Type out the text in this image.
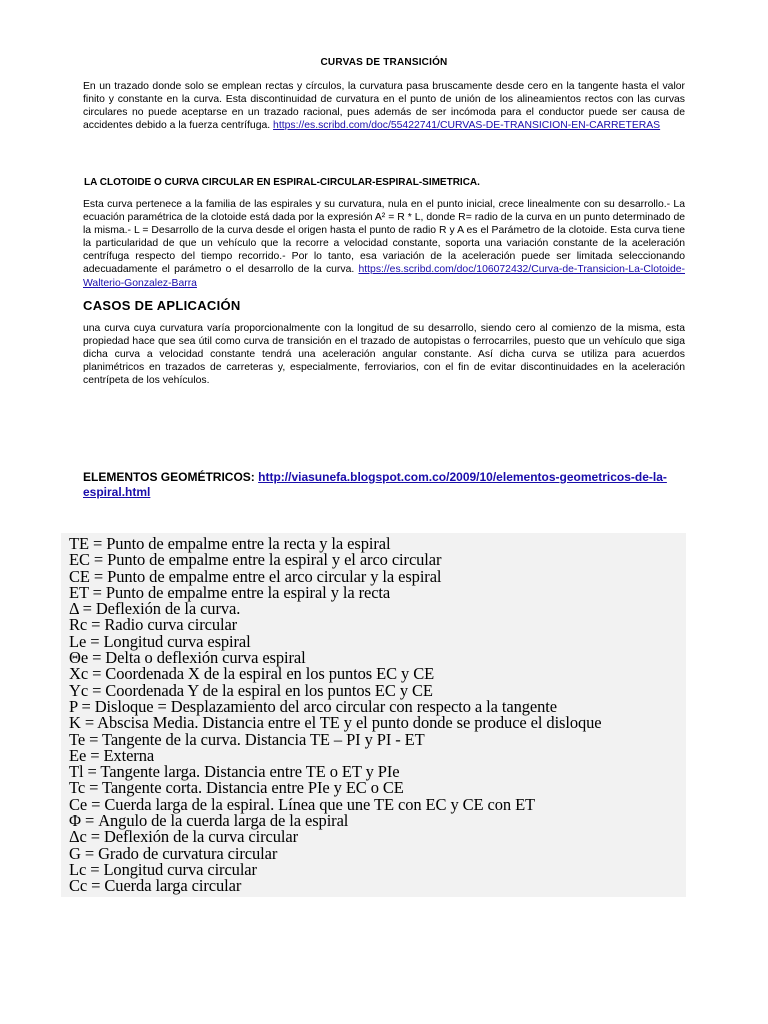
CURVAS DE TRANSICIÓN

En un trazado donde solo se emplean rectas y círculos, la curvatura pasa bruscamente desde cero en la tangente hasta el valor finito y constante en la curva. Esta discontinuidad de curvatura en el punto de unión de los alineamientos rectos con las curvas circulares no puede aceptarse en un trazado racional, pues además de ser incómoda para el conductor puede ser causa de accidentes debido a la fuerza centrífuga. https://es.scribd.com/doc/55422741/CURVAS-DE-TRANSICION-EN-CARRETERAS

LA CLOTOIDE O CURVA CIRCULAR EN ESPIRAL-CIRCULAR-ESPIRAL-SIMETRICA.

Esta curva pertenece a la familia de las espirales y su curvatura, nula en el punto inicial, crece linealmente con su desarrollo.- La ecuación paramétrica de la clotoide está dada por la expresión A² = R * L, donde R= radio de la curva en un punto determinado de la misma.- L = Desarrollo de la curva desde el origen hasta el punto de radio R y A es el Parámetro de la clotoide. Esta curva tiene la particularidad de que un vehículo que la recorre a velocidad constante, soporta una variación constante de la aceleración centrífuga respecto del tiempo recorrido.- Por lo tanto, esa variación de la aceleración puede ser limitada seleccionando adecuadamente el parámetro o el desarrollo de la curva. https://es.scribd.com/doc/106072432/Curva-de-Transicion-La-Clotoide-Walterio-Gonzalez-Barra

CASOS DE APLICACIÓN

una curva cuya curvatura varía proporcionalmente con la longitud de su desarrollo, siendo cero al comienzo de la misma, esta propiedad hace que sea útil como curva de transición en el trazado de autopistas o ferrocarriles, puesto que un vehículo que siga dicha curva a velocidad constante tendrá una aceleración angular constante. Así dicha curva se utiliza para acuerdos planimétricos en trazados de carreteras y, especialmente, ferroviarios, con el fin de evitar discontinuidades en la aceleración centrípeta de los vehículos.

ELEMENTOS GEOMÉTRICOS: http://viasunefa.blogspot.com.co/2009/10/elementos-geometricos-de-la-espiral.html

TE = Punto de empalme entre la recta y la espiral
EC = Punto de empalme entre la espiral y el arco circular
CE = Punto de empalme entre el arco circular y la espiral
ET = Punto de empalme entre la espiral y la recta
Δ = Deflexión de la curva.
Rc = Radio curva circular
Le = Longitud curva espiral
Θe = Delta o deflexión curva espiral
Xc = Coordenada X de la espiral en los puntos EC y CE
Yc = Coordenada Y de la espiral en los puntos EC y CE
P = Disloque = Desplazamiento del arco circular con respecto a la tangente
K = Abscisa Media. Distancia entre el TE y el punto donde se produce el disloque
Te = Tangente de la curva. Distancia TE – PI y PI - ET
Ee = Externa
Tl = Tangente larga. Distancia entre TE o ET y PIe
Tc = Tangente corta. Distancia entre PIe y EC o CE
Ce = Cuerda larga de la espiral. Línea que une TE con EC y CE con ET
Φ = Angulo de la cuerda larga de la espiral
Δc = Deflexión de la curva circular
G = Grado de curvatura circular
Lc = Longitud curva circular
Cc = Cuerda larga circular
